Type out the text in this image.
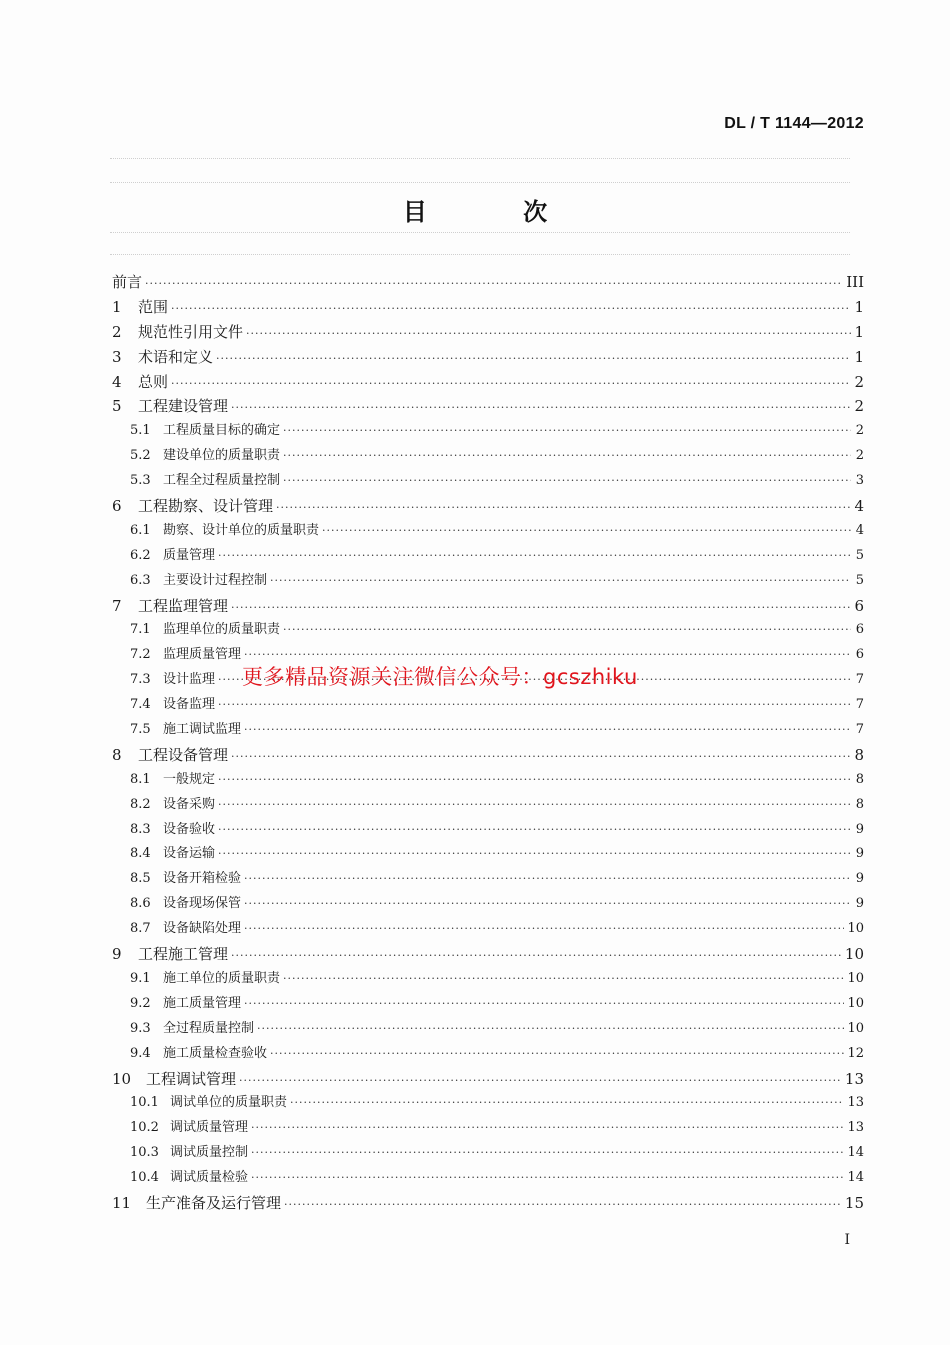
DL / T 1144—2012
目 次
前言 ·····	III
1	范围 ·····	1
2	规范性引用文件 ·····	1
3	术语和定义 ·····	1
4	总则 ·····	2
5	工程建设管理 ·····	2
5.1 工程质量目标的确定 ·····	2
5.2 建设单位的质量职责 ·····	2
5.3 工程全过程质量控制 ·····	3
6	工程勘察、设计管理 ·····	4
6.1 勘察、设计单位的质量职责 ·····	4
6.2 质量管理 ·····	5
6.3 主要设计过程控制 ·····	5
7	工程监理管理 ·····	6
7.1 监理单位的质量职责 ·····	6
7.2 监理质量管理 ·····	6
7.3 设计监理 ·····	7
7.4 设备监理 ·····	7
7.5 施工调试监理 ·····	7
8	工程设备管理 ·····	8
8.1 一般规定 ·····	8
8.2 设备采购 ·····	8
8.3 设备验收 ·····	9
8.4 设备运输 ·····	9
8.5 设备开箱检验 ·····	9
8.6 设备现场保管 ·····	9
8.7 设备缺陷处理 ·····	10
9	工程施工管理 ·····	10
9.1 施工单位的质量职责 ·····	10
9.2 施工质量管理 ·····	10
9.3 全过程质量控制 ·····	10
9.4 施工质量检查验收 ·····	12
10 工程调试管理 ·····	13
10.1 调试单位的质量职责 ·····	13
10.2 调试质量管理 ·····	13
10.3 调试质量控制 ·····	14
10.4 调试质量检验 ·····	14
11 生产准备及运行管理 ·····	15
更多精品资源关注微信公众号：gcszhiku
I
